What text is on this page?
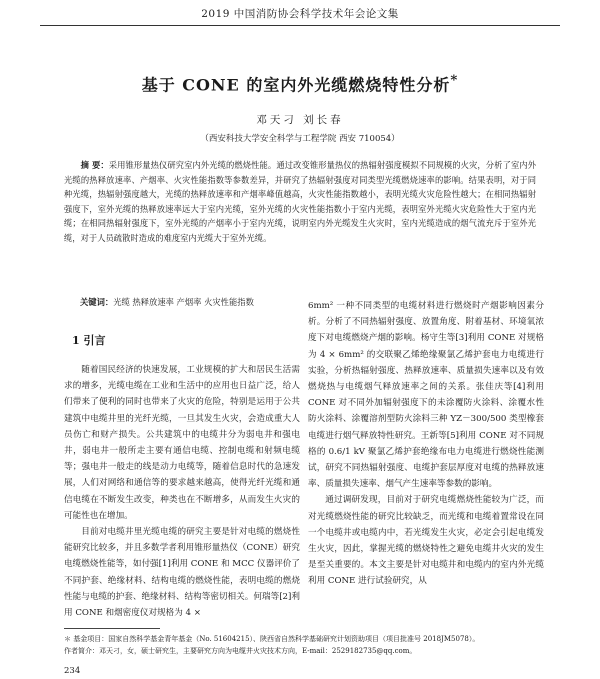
2019 中国消防协会科学技术年会论文集
基于 CONE 的室内外光缆燃烧特性分析*
邓天刁 刘长春
（西安科技大学安全科学与工程学院 西安 710054）
摘 要：采用锥形量热仪研究室内外光缆的燃烧性能。通过改变锥形量热仪的热辐射强度模拟不同规模的火灾，分析了室内外光缆的热释放速率、产烟率、火灾性能指数等参数差异，并研究了热辐射强度对同类型光缆燃烧速率的影响。结果表明，对于同种光缆，热辐射强度越大，光缆的热释放速率和产烟率峰值越高，火灾性能指数越小，表明光缆火灾危险性越大；在相同热辐射强度下，室外光缆的热释放速率远大于室内光缆，室外光缆的火灾性能指数小于室内光缆，表明室外光缆火灾危险性大于室内光缆；在相同热辐射强度下，室外光缆的产烟率小于室内光缆，说明室内外光缆发生火灾时，室内光缆造成的烟气流充斥于室外光缆，对于人员疏散时造成的难度室内光缆大于室外光缆。
关键词：光缆 热释放速率 产烟率 火灾性能指数
1 引言

随着国民经济的快速发展，工业规模的扩大和居民生活需求的增多，光缆电缆在工业和生活中的应用也日益广泛，给人们带来了便利的同时也带来了火灾的危险，特别是运用于公共建筑中电缆井里的光纤光缆，一旦其发生火灾，会造成重大人员伤亡和财产损失。公共建筑中的电缆井分为弱电井和强电井，弱电井一般所走主要有通信电缆、控制电缆和射频电缆等；强电井一般走的线是动力电缆等，随着信息时代的急速发展，人们对网络和通信等的要求越来越高，使得光纤光缆和通信电缆在不断发生改变，种类也在不断增多，从而发生火灾的可能性也在增加。

目前对电缆井里光缆电缆的研究主要是针对电缆的燃烧性能研究比较多，并且多数学者利用锥形量热仪（CONE）研究电缆燃烧性能等，如付强[1]利用 CONE 和 MCC 仪器评价了不同护套、绝缘材料、结构电缆的燃烧性能，表明电缆的燃烧性能与电缆的护套、绝缘材料、结构等密切相关。何瑞等[2]利用 CONE 和烟密度仪对规格为 4 ×

6mm² 一种不同类型的电缆材料进行燃烧时产烟影响因素分析。分析了不同热辐射强度、放置角度、附着基材、环境氧浓度下对电缆燃烧产烟的影响。杨守生等[3]利用 CONE 对规格为 4 × 6mm² 的交联聚乙烯绝缘聚氯乙烯护套电力电缆进行实验，分析热辐射强度、热释放速率、质量损失速率以及有效燃烧热与电缆烟气释放速率之间的关系。张佳庆等[4]利用 CONE 对不同外加辐射强度下的未涂覆防火涂料、涂覆水性防火涂料、涂覆溶剂型防火涂料三种 YZ－300/500 类型橡套电缆进行烟气释放特性研究。王新等[5]利用 CONE 对不同规格的 0.6/1 kV 聚氯乙烯护套绝缘布电力电缆进行燃烧性能测试，研究不同热辐射强度、电缆护套层厚度对电缆的热释放速率、质量损失速率、烟气产生速率等参数的影响。

通过调研发现，目前对于研究电缆燃烧性能较为广泛，而对光缆燃烧性能的研究比较缺乏，而光缆和电缆着置常设在同一个电缆井或电缆内中，若光缆发生火灾，必定会引起电缆发生火灾，因此，掌握光缆的燃烧特性之避免电缆井火灾的发生是至关重要的。本文主要是针对电缆井和电缆内的室内外光缆利用 CONE 进行试验研究，从

＊ 基金项目：国家自然科学基金青年基金（No. 51604215）、陕西省自然科学基础研究计划资助项目（项目批准号 2018JM5078）。
作者简介：邓天刁，女，硕士研究生，主要研究方向为电缆井火灾技术方向，E-mail：2529182735@qq.com。
234
